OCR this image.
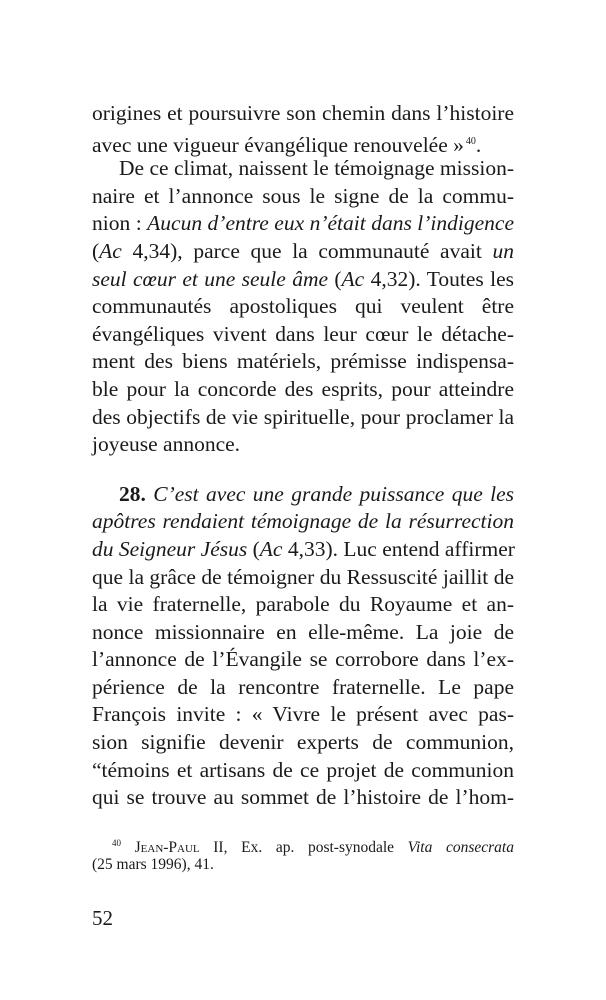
origines et poursuivre son chemin dans l’histoire
avec une vigueur évangélique renouvelée » $^{40}$.
De ce climat, naissent le témoignage mission-
naire et l’annonce sous le signe de la commu-
nion : Aucun d’entre eux n’était dans l’indigence
(Ac 4,34), parce que la communauté avait un
seul cœur et une seule âme (Ac 4,32). Toutes les
communautés apostoliques qui veulent être
évangéliques vivent dans leur cœur le détache-
ment des biens matériels, prémisse indispensa-
ble pour la concorde des esprits, pour atteindre
des objectifs de vie spirituelle, pour proclamer la
joyeuse annonce.
28. C’est avec une grande puissance que les
apôtres rendaient témoignage de la résurrection
du Seigneur Jésus (Ac 4,33). Luc entend affirmer
que la grâce de témoigner du Ressuscité jaillit de
la vie fraternelle, parabole du Royaume et an-
nonce missionnaire en elle-même. La joie de
l’annonce de l’Évangile se corrobore dans l’ex-
périence de la rencontre fraternelle. Le pape
François invite : « Vivre le présent avec pas-
sion signifie devenir experts de communion,
“témoins et artisans de ce projet de communion
qui se trouve au sommet de l’histoire de l’hom-
$^{40}$ Jean-Paul II, Ex. ap. post-synodale Vita consecrata
(25 mars 1996), 41.
52
